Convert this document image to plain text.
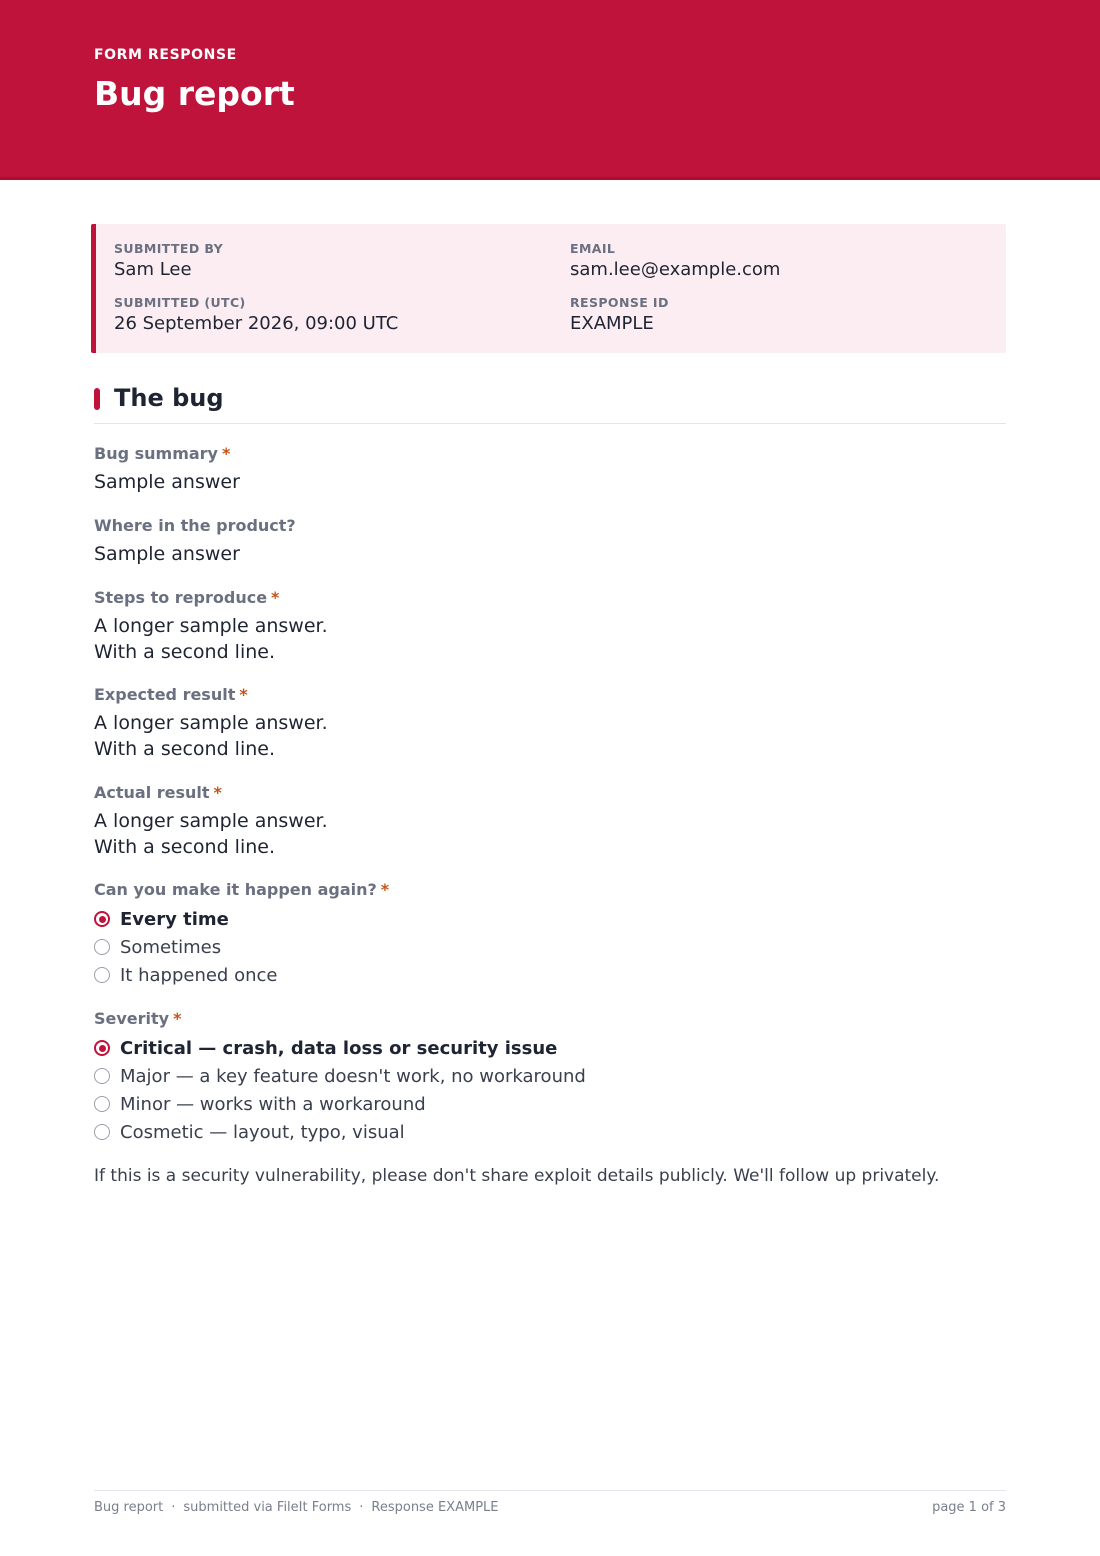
FORM RESPONSE
Bug report
SUBMITTED BY
Sam Lee
EMAIL
sam.lee@example.com
SUBMITTED (UTC)
26 September 2026, 09:00 UTC
RESPONSE ID
EXAMPLE
The bug
Bug summary *
Sample answer
Where in the product?
Sample answer
Steps to reproduce *
A longer sample answer.
With a second line.
Expected result *
A longer sample answer.
With a second line.
Actual result *
A longer sample answer.
With a second line.
Can you make it happen again? *
Every time
Sometimes
It happened once
Severity *
Critical — crash, data loss or security issue
Major — a key feature doesn't work, no workaround
Minor — works with a workaround
Cosmetic — layout, typo, visual
If this is a security vulnerability, please don't share exploit details publicly. We'll follow up privately.
Bug report · submitted via FileIt Forms · Response EXAMPLE	page 1 of 3
